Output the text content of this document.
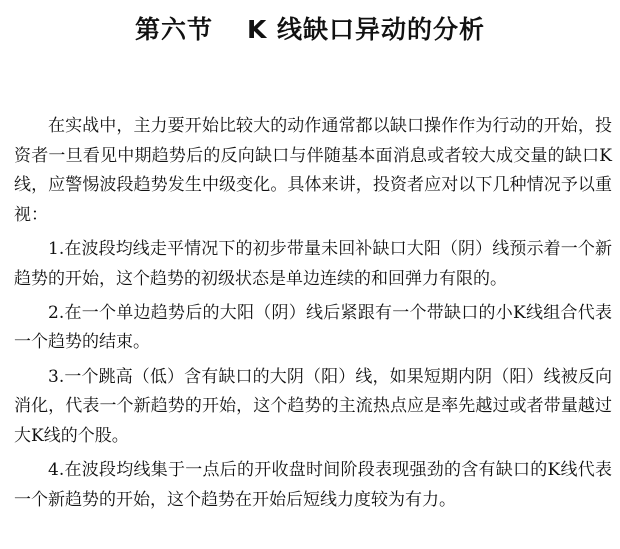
第六节 K 线缺口异动的分析

在实战中，主力要开始比较大的动作通常都以缺口操作作为行动的开始，投资者一旦看见中期趋势后的反向缺口与伴随基本面消息或者较大成交量的缺口K线，应警惕波段趋势发生中级变化。具体来讲，投资者应对以下几种情况予以重视：

1.在波段均线走平情况下的初步带量未回补缺口大阳（阴）线预示着一个新趋势的开始，这个趋势的初级状态是单边连续的和回弹力有限的。

2.在一个单边趋势后的大阳（阴）线后紧跟有一个带缺口的小K线组合代表一个趋势的结束。

3.一个跳高（低）含有缺口的大阴（阳）线，如果短期内阴（阳）线被反向消化，代表一个新趋势的开始，这个趋势的主流热点应是率先越过或者带量越过大K线的个股。

4.在波段均线集于一点后的开收盘时间阶段表现强劲的含有缺口的K线代表一个新趋势的开始，这个趋势在开始后短线力度较为有力。
